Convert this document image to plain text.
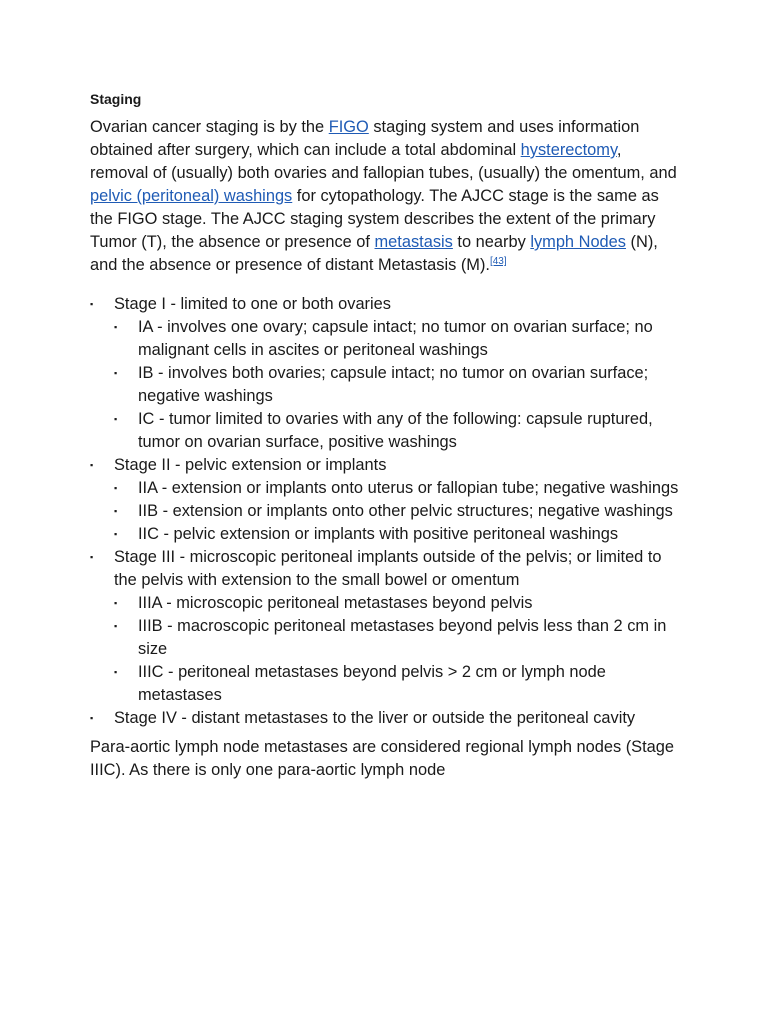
Staging

Ovarian cancer staging is by the FIGO staging system and uses information obtained after surgery, which can include a total abdominal hysterectomy, removal of (usually) both ovaries and fallopian tubes, (usually) the omentum, and pelvic (peritoneal) washings for cytopathology. The AJCC stage is the same as the FIGO stage. The AJCC staging system describes the extent of the primary Tumor (T), the absence or presence of metastasis to nearby lymph Nodes (N), and the absence or presence of distant Metastasis (M).[43]

▪	Stage I - limited to one or both ovaries
▪	IA - involves one ovary; capsule intact; no tumor on ovarian surface; no malignant cells in ascites or peritoneal washings
▪	IB - involves both ovaries; capsule intact; no tumor on ovarian surface; negative washings
▪	IC - tumor limited to ovaries with any of the following: capsule ruptured, tumor on ovarian surface, positive washings
▪	Stage II - pelvic extension or implants
▪	IIA - extension or implants onto uterus or fallopian tube; negative washings
▪	IIB - extension or implants onto other pelvic structures; negative washings
▪	IIC - pelvic extension or implants with positive peritoneal washings
▪	Stage III - microscopic peritoneal implants outside of the pelvis; or limited to the pelvis with extension to the small bowel or omentum
▪	IIIA - microscopic peritoneal metastases beyond pelvis
▪	IIIB - macroscopic peritoneal metastases beyond pelvis less than 2 cm in size
▪	IIIC - peritoneal metastases beyond pelvis > 2 cm or lymph node metastases
▪	Stage IV - distant metastases to the liver or outside the peritoneal cavity

Para-aortic lymph node metastases are considered regional lymph nodes (Stage IIIC). As there is only one para-aortic lymph node
